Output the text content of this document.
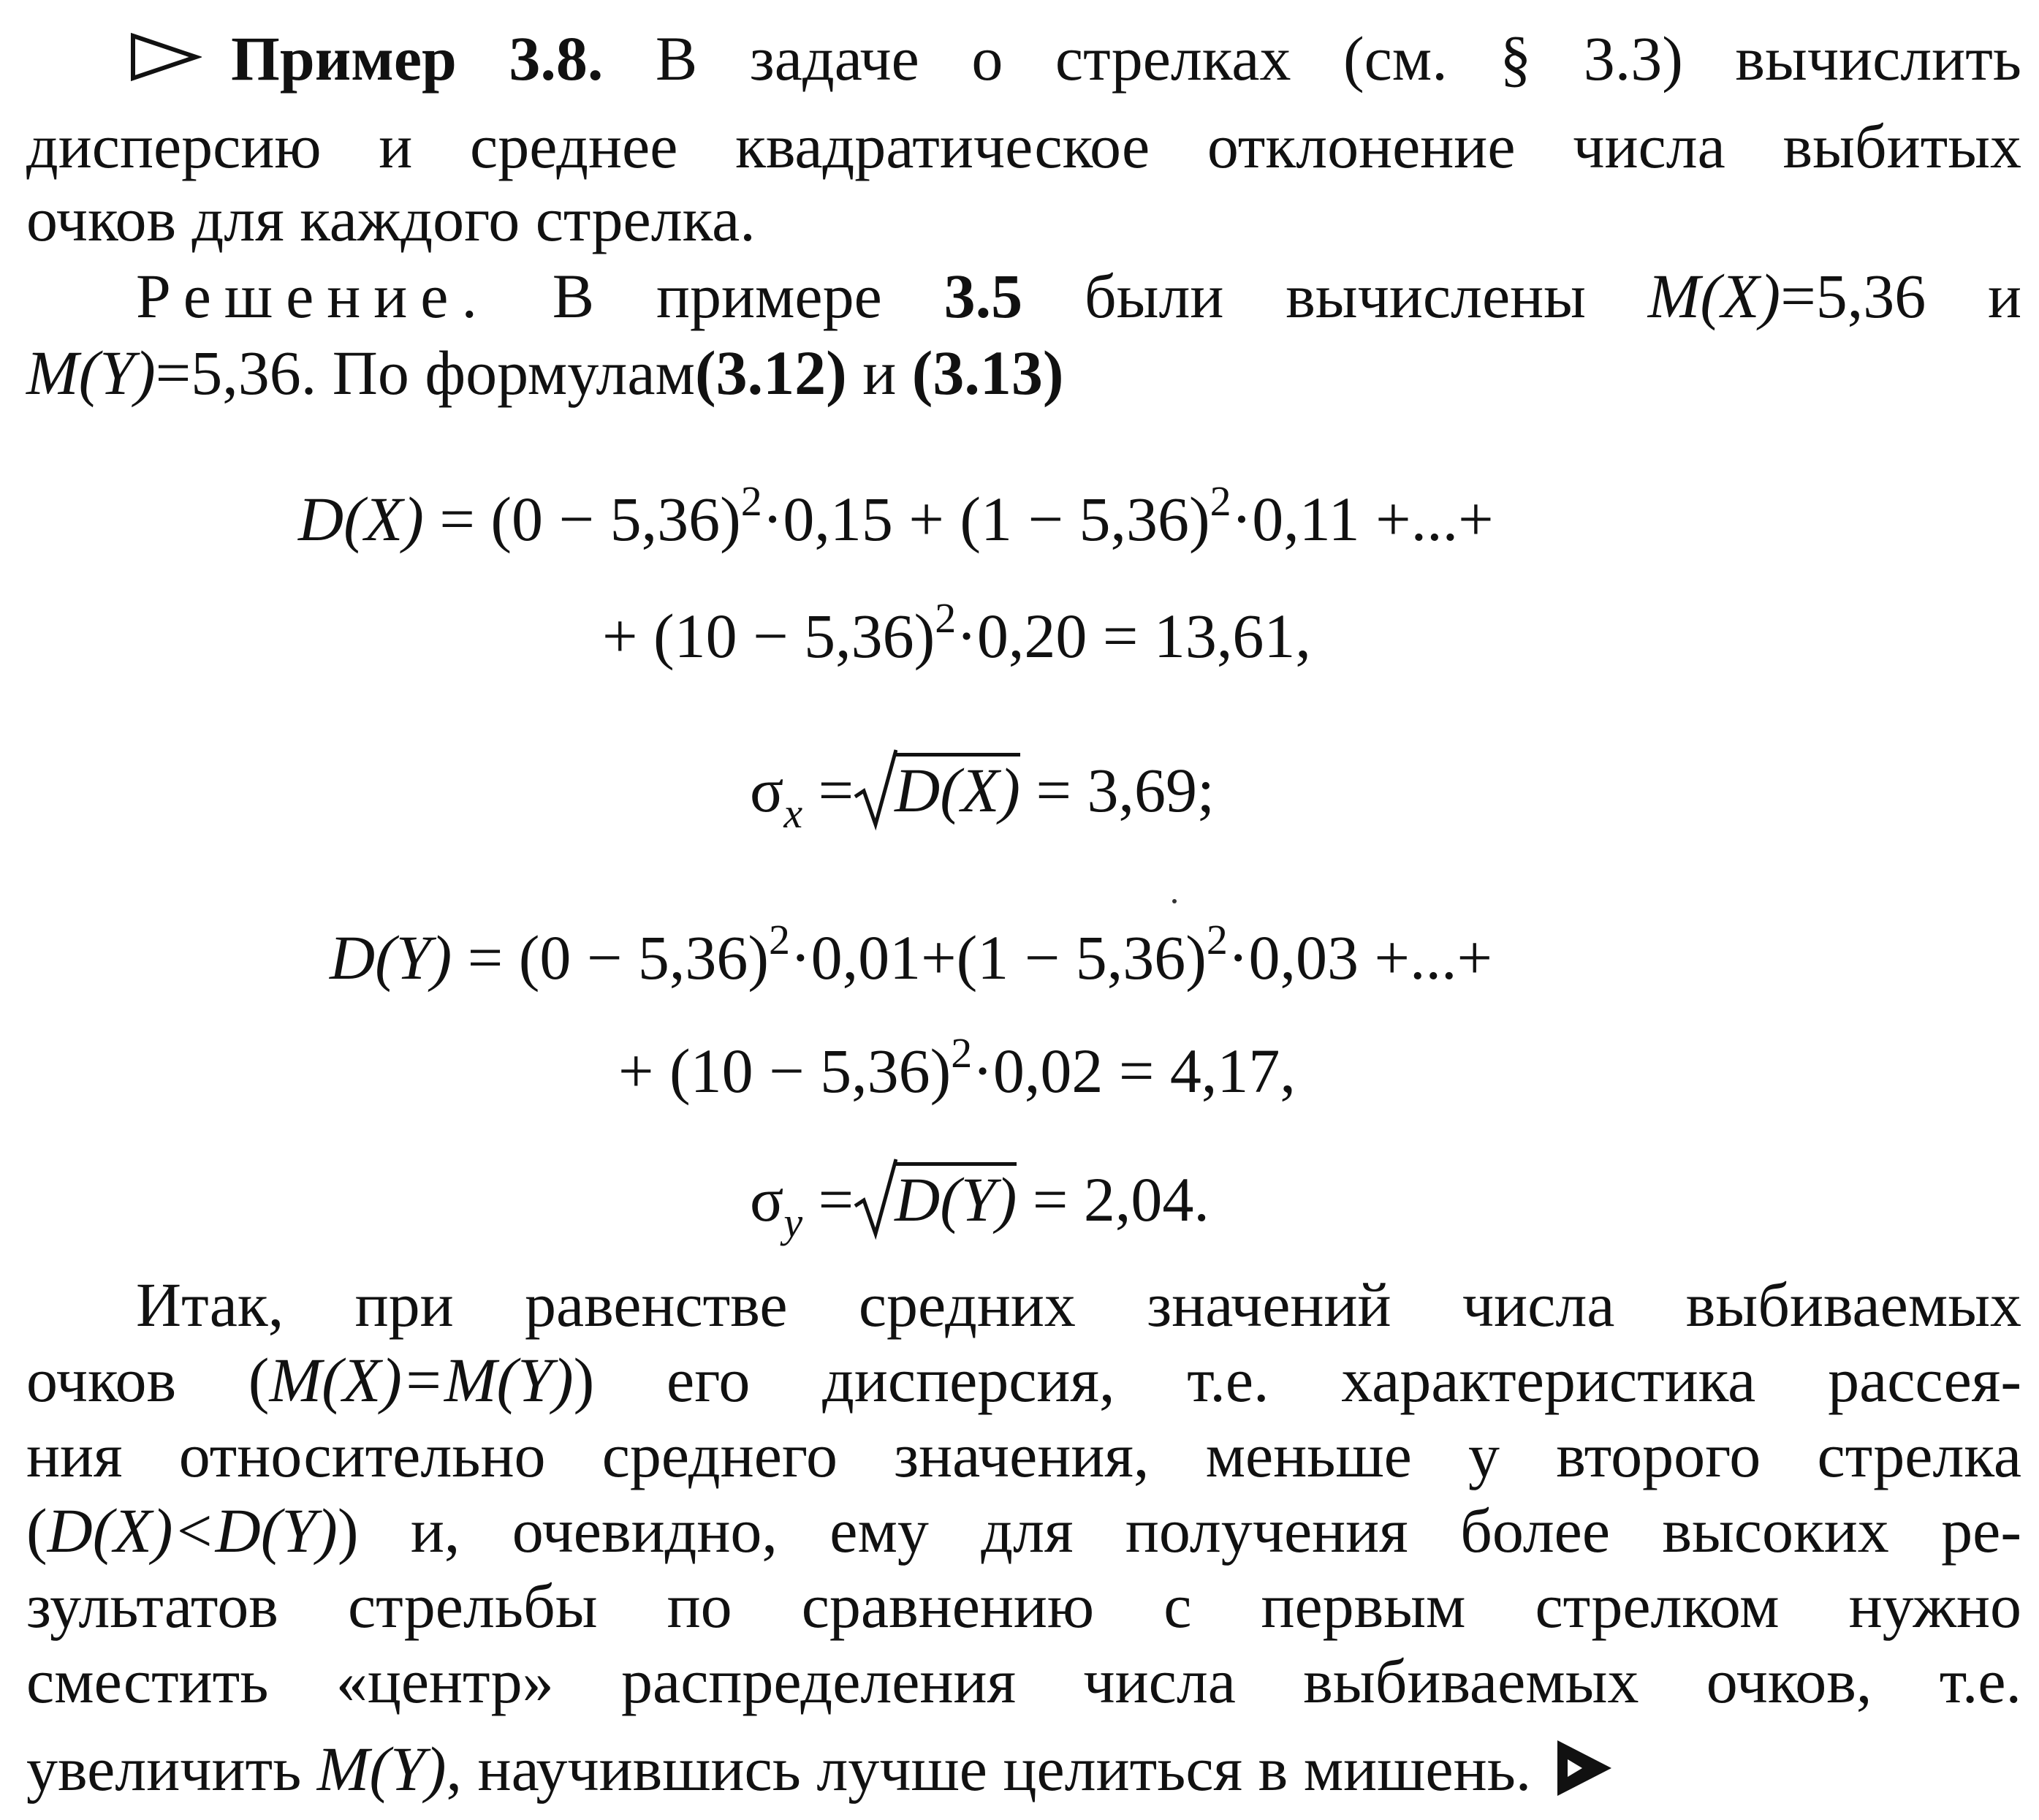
Пример 3.8. В задаче о стрелках (см. § 3.3) вычислить
дисперсию и среднее квадратическое отклонение числа выбитых
очков для каждого стрелка.
Решение. В примере 3.5 были вычислены M(X)=5,36 и
M(Y)=5,36. По формулам(3.12) и (3.13)
$D(X) = (0 - 5,36)^2\cdot 0,15 + (1 - 5,36)^2\cdot 0,11$ +...+
+ $(10 - 5,36)^2\cdot 0,20 = 13,61$,
$\sigma_x = D(X) = 3,69$;
$D(Y) = (0 - 5,36)^2\cdot 0,01+(1 - 5,36)^2\cdot 0,03$ +...+
+ $(10 - 5,36)^2\cdot 0,02 = 4,17$,
$\sigma_y = D(Y) = 2,04$.
Итак, при равенстве средних значений числа выбиваемых
очков (M(X)=M(Y)) его дисперсия, т.е. характеристика рассея-
ния относительно среднего значения, меньше у второго стрелка
(D(X)<D(Y)) и, очевидно, ему для получения более высоких ре-
зультатов стрельбы по сравнению с первым стрелком нужно
сместить «центр» распределения числа выбиваемых очков, т.е.
увеличить M(Y), научившись лучше целиться в мишень.
